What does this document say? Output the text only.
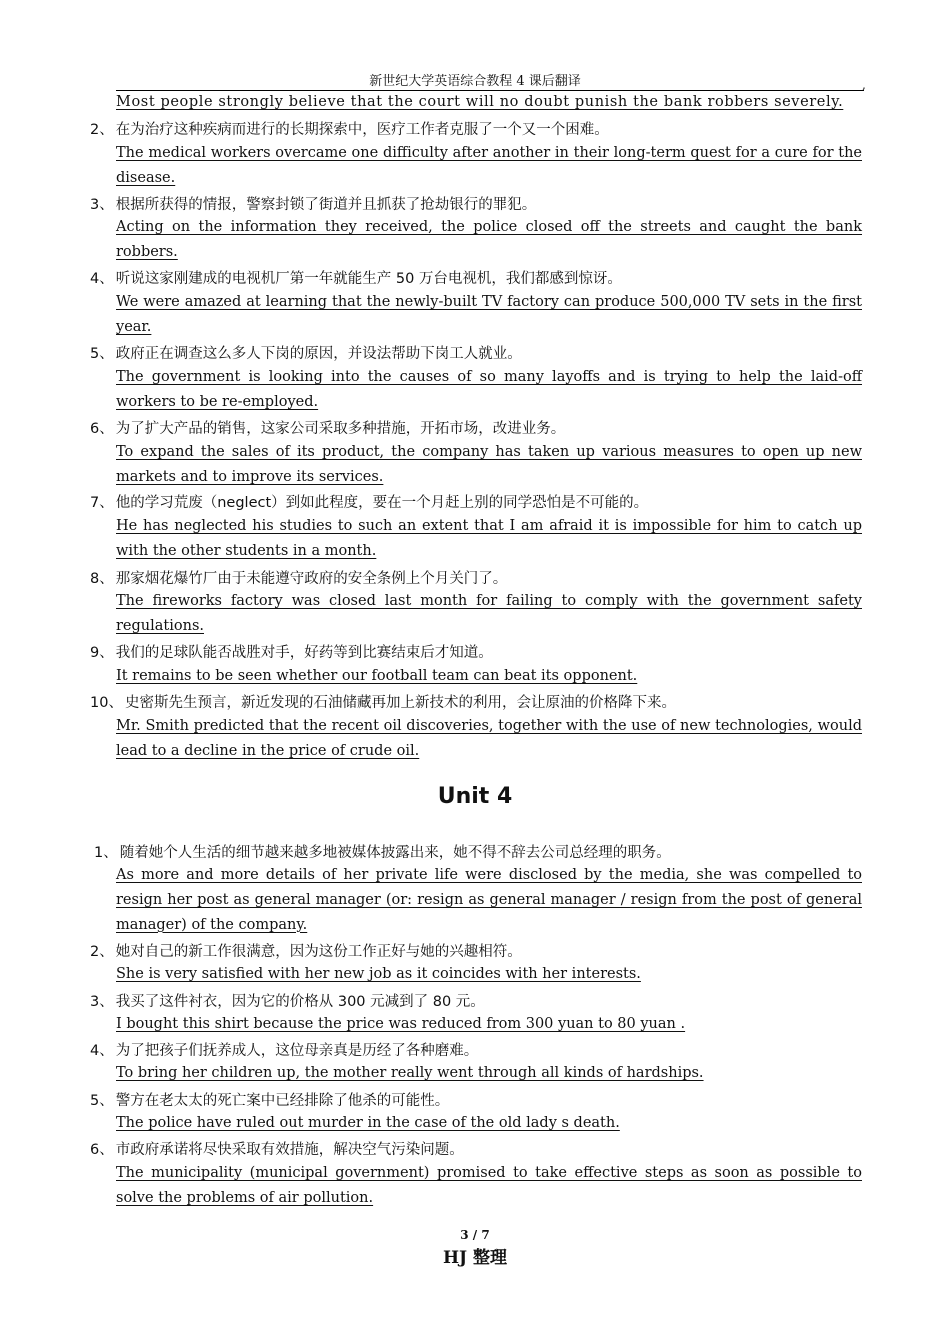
新世纪大学英语综合教程 4 课后翻译	,
Most people strongly believe that the court will no doubt punish the bank robbers severely.
2、 在为治疗这种疾病而进行的长期探索中，医疗工作者克服了一个又一个困难。
The medical workers overcame one difficulty after another in their long-term quest for a cure for the disease.
3、 根据所获得的情报，警察封锁了街道并且抓获了抢劫银行的罪犯。
Acting on the information they received, the police closed off the streets and caught the bank robbers.
4、 听说这家刚建成的电视机厂第一年就能生产 50 万台电视机，我们都感到惊讶。
We were amazed at learning that the newly-built TV factory can produce 500,000 TV sets in the first year.
5、 政府正在调查这么多人下岗的原因，并设法帮助下岗工人就业。
The government is looking into the causes of so many layoffs and is trying to help the laid-off workers to be re-employed.
6、 为了扩大产品的销售，这家公司采取多种措施，开拓市场，改进业务。
To expand the sales of its product, the company has taken up various measures to open up new markets and to improve its services.
7、 他的学习荒废（neglect）到如此程度，要在一个月赶上别的同学恐怕是不可能的。
He has neglected his studies to such an extent that I am afraid it is impossible for him to catch up with the other students in a month.
8、 那家烟花爆竹厂由于未能遵守政府的安全条例上个月关门了。
The fireworks factory was closed last month for failing to comply with the government safety regulations.
9、 我们的足球队能否战胜对手，好药等到比赛结束后才知道。
It remains to be seen whether our football team can beat its opponent.
10、 史密斯先生预言，新近发现的石油储藏再加上新技术的利用，会让原油的价格降下来。
Mr. Smith predicted that the recent oil discoveries, together with the use of new technologies, would lead to a decline in the price of crude oil.
Unit 4
1、 随着她个人生活的细节越来越多地被媒体披露出来，她不得不辞去公司总经理的职务。
As more and more details of her private life were disclosed by the media, she was compelled to resign her post as general manager (or: resign as general manager / resign from the post of general manager) of the company.
2、 她对自己的新工作很满意，因为这份工作正好与她的兴趣相符。
She is very satisfied with her new job as it coincides with her interests.
3、 我买了这件衬衣，因为它的价格从 300 元减到了 80 元。
I bought this shirt because the price was reduced from 300 yuan to 80 yuan .
4、 为了把孩子们抚养成人，这位母亲真是历经了各种磨难。
To bring her children up, the mother really went through all kinds of hardships.
5、 警方在老太太的死亡案中已经排除了他杀的可能性。
The police have ruled out murder in the case of the old lady s death.
6、 市政府承诺将尽快采取有效措施，解决空气污染问题。
The municipality (municipal government) promised to take effective steps as soon as possible to solve the problems of air pollution.
3 / 7
HJ 整理
